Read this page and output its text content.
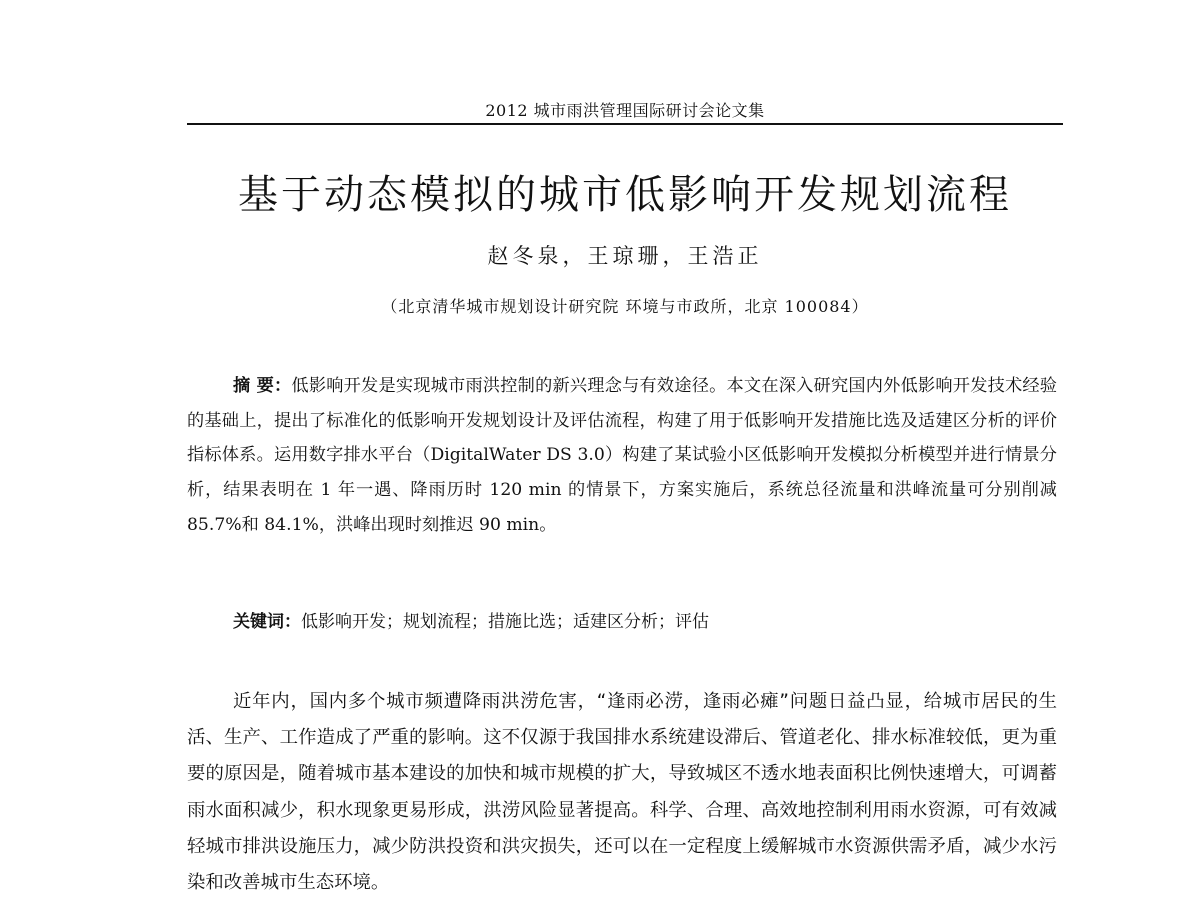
2012 城市雨洪管理国际研讨会论文集
基于动态模拟的城市低影响开发规划流程
赵冬泉，王琼珊，王浩正
（北京清华城市规划设计研究院 环境与市政所，北京 100084）

摘 要：低影响开发是实现城市雨洪控制的新兴理念与有效途径。本文在深入研究国内外低影响开发技术经验的基础上，提出了标准化的低影响开发规划设计及评估流程，构建了用于低影响开发措施比选及适建区分析的评价指标体系。运用数字排水平台（DigitalWater DS 3.0）构建了某试验小区低影响开发模拟分析模型并进行情景分析，结果表明在 1 年一遇、降雨历时 120 min 的情景下，方案实施后，系统总径流量和洪峰流量可分别削减 85.7%和 84.1%，洪峰出现时刻推迟 90 min。

关键词：低影响开发；规划流程；措施比选；适建区分析；评估

近年内，国内多个城市频遭降雨洪涝危害，“逢雨必涝，逢雨必瘫”问题日益凸显，给城市居民的生活、生产、工作造成了严重的影响。这不仅源于我国排水系统建设滞后、管道老化、排水标准较低，更为重要的原因是，随着城市基本建设的加快和城市规模的扩大，导致城区不透水地表面积比例快速增大，可调蓄雨水面积减少，积水现象更易形成，洪涝风险显著提高。科学、合理、高效地控制利用雨水资源，可有效减轻城市排洪设施压力，减少防洪投资和洪灾损失，还可以在一定程度上缓解城市水资源供需矛盾，减少水污染和改善城市生态环境。
